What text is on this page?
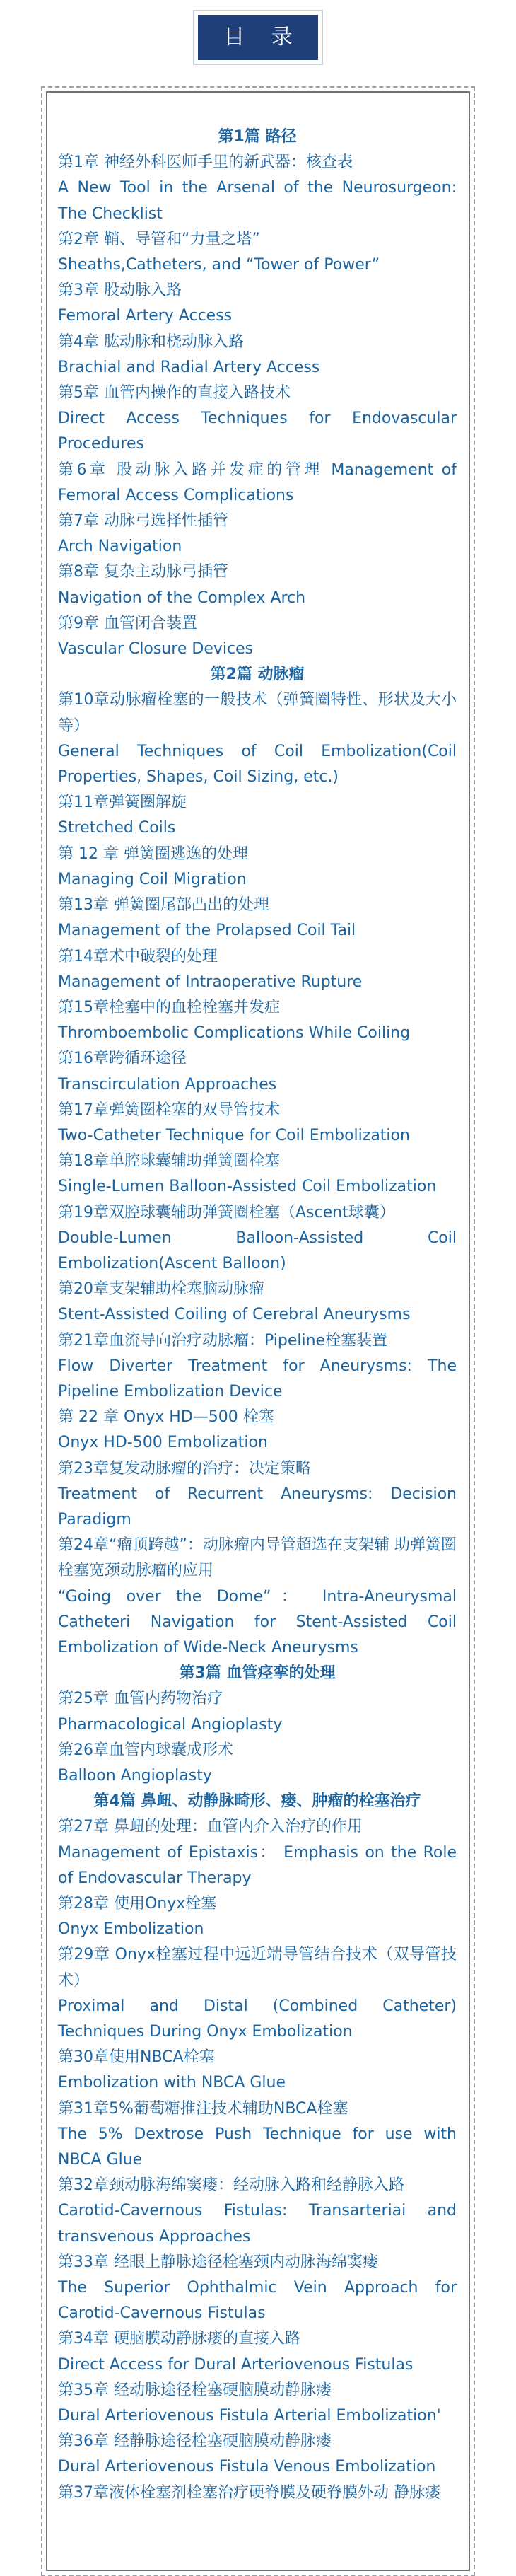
目 录

第1篇 路径

第1章 神经外科医师手里的新武器：核查表

A New Tool in the Arsenal of the Neurosurgeon: The Checklist

第2章 鞘、导管和“力量之塔”

Sheaths,Catheters, and “Tower of Power”

第3章 股动脉入路

Femoral Artery Access

第4章 肱动脉和桡动脉入路

Brachial and Radial Artery Access

第5章 血管内操作的直接入路技术

Direct Access Techniques for Endovascular Procedures

第6章 股动脉入路并发症的管理 Management of Femoral Access Complications

第7章 动脉弓选择性插管

Arch Navigation

第8章 复杂主动脉弓插管

Navigation of the Complex Arch

第9章 血管闭合装置

Vascular Closure Devices

第2篇 动脉瘤

第10章动脉瘤栓塞的一般技术（弹簧圈特性、形状及大小等）

General Techniques of Coil Embolization(Coil Properties, Shapes, Coil Sizing, etc.)

第11章弹簧圈解旋

Stretched Coils

第 12 章 弹簧圈逃逸的处理

Managing Coil Migration

第13章 弹簧圈尾部凸出的处理

Management of the Prolapsed Coil Tail

第14章术中破裂的处理

Management of Intraoperative Rupture

第15章栓塞中的血栓栓塞并发症

Thromboembolic Complications While Coiling

第16章跨循环途径

Transcirculation Approaches

第17章弹簧圈栓塞的双导管技术

Two-Catheter Technique for Coil Embolization

第18章单腔球囊辅助弹簧圈栓塞

Single-Lumen Balloon-Assisted Coil Embolization

第19章双腔球囊辅助弹簧圈栓塞（Ascent球囊）

Double-Lumen Balloon-Assisted Coil Embolization(Ascent Balloon)

第20章支架辅助栓塞脑动脉瘤

Stent-Assisted Coiling of Cerebral Aneurysms

第21章血流导向治疗动脉瘤：Pipeline栓塞装置

Flow Diverter Treatment for Aneurysms: The Pipeline Embolization Device

第 22 章 Onyx HD—500 栓塞

Onyx HD-500 Embolization

第23章复发动脉瘤的治疗：决定策略

Treatment of Recurrent Aneurysms: Decision Paradigm

第24章“瘤顶跨越”：动脉瘤内导管超选在支架辅 助弹簧圈栓塞宽颈动脉瘤的应用

“Going over the Dome”： Intra-Aneurysmal Catheteri Navigation for Stent-Assisted Coil Embolization of Wide-Neck Aneurysms

第3篇 血管痉挛的处理

第25章 血管内药物治疗

Pharmacological Angioplasty

第26章血管内球囊成形术

Balloon Angioplasty

第4篇 鼻衄、动静脉畸形、瘘、肿瘤的栓塞治疗

第27章 鼻衄的处理：血管内介入治疗的作用

Management of Epistaxis： Emphasis on the Role of Endovascular Therapy

第28章 使用Onyx栓塞

Onyx Embolization

第29章 Onyx栓塞过程中远近端导管结合技术（双导管技术）

Proximal and Distal (Combined Catheter) Techniques During Onyx Embolization

第30章使用NBCA栓塞

Embolization with NBCA Glue

第31章5%葡萄糖推注技术辅助NBCA栓塞

The 5% Dextrose Push Technique for use with NBCA Glue

第32章颈动脉海绵窦瘘：经动脉入路和经静脉入路

Carotid-Cavernous Fistulas: Transarteriai and transvenous Approaches

第33章 经眼上静脉途径栓塞颈内动脉海绵窦瘘

The Superior Ophthalmic Vein Approach for Carotid-Cavernous Fistulas

第34章 硬脑膜动静脉瘘的直接入路

Direct Access for Dural Arteriovenous Fistulas

第35章 经动脉途径栓塞硬脑膜动静脉瘘

Dural Arteriovenous Fistula Arterial Embolization'

第36章 经静脉途径栓塞硬脑膜动静脉瘘

Dural Arteriovenous Fistula Venous Embolization

第37章液体栓塞剂栓塞治疗硬脊膜及硬脊膜外动 静脉瘘
